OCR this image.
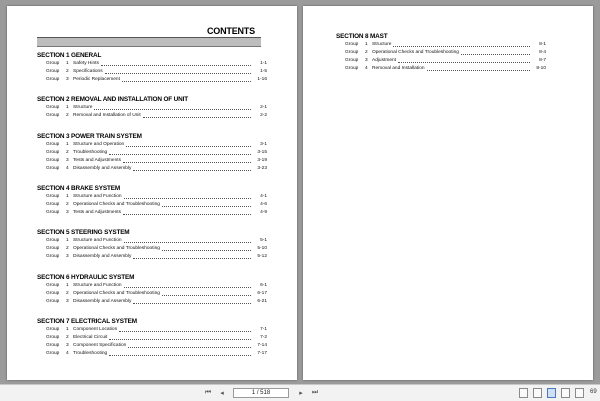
CONTENTS
SECTION 1 GENERAL
Group	1 Safety Hints	1-1
Group	2 Specifications	1-5
Group	3 Periodic Replacement	1-16
SECTION 2 REMOVAL AND INSTALLATION OF UNIT
Group	1 Structure	2-1
Group	2 Removal and Installation of Unit	2-2
SECTION 3 POWER TRAIN SYSTEM
Group	1 Structure and Operation	3-1
Group	2 Troubleshooting	3-15
Group	3 Tests and Adjustments	3-19
Group	4 Disassembly and Assembly	3-23
SECTION 4 BRAKE SYSTEM
Group	1 Structure and Function	4-1
Group	2 Operational Checks and Troubleshooting	4-6
Group	3 Tests and Adjustments	4-9
SECTION 5 STEERING SYSTEM
Group	1 Structure and Function	5-1
Group	2 Operational Checks and Troubleshooting	5-10
Group	3 Disassembly and Assembly	5-12
SECTION 6 HYDRAULIC SYSTEM
Group	1 Structure and Function	6-1
Group	2 Operational Checks and Troubleshooting	6-17
Group	3 Disassembly and Assembly	6-21
SECTION 7 ELECTRICAL SYSTEM
Group	1 Component Location	7-1
Group	2 Electrical Circuit	7-2
Group	3 Component Specification	7-14
Group	4 Troubleshooting	7-17
SECTION 8 MAST
Group	1 Structure	8-1
Group	2 Operational Checks and Troubleshooting	8-4
Group	3 Adjustment	8-7
Group	4 Removal and Installation	8-10
⏮	◂	1 / 518	▸	⏭	69
